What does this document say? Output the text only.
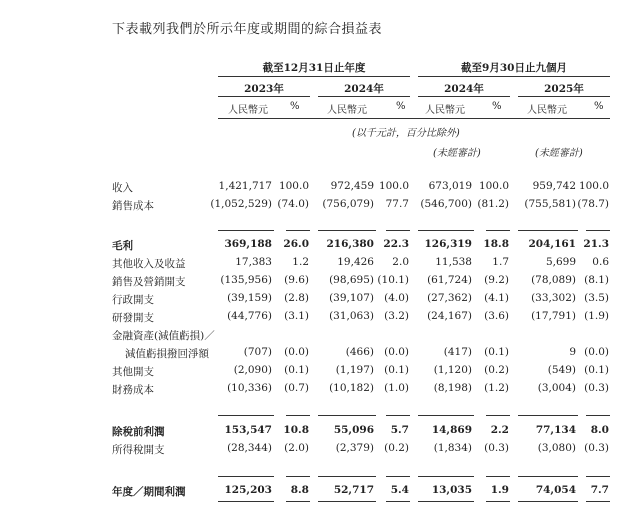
下表載列我們於所示年度或期間的綜合損益表
截至12月31日止年度	截至9月30日止九個月
2023年	2024年	2024年	2025年
人民幣元 %	人民幣元	% 人民幣元	%	人民幣元	%
(以千元計，百分比除外)
(未經審計)	(未經審計)
收入	1,421,717 100.0	972,459 100.0	673,019 100.0	959,742 100.0
銷售成本	(1,052,529) (74.0)	(756,079)	77.7	(546,700) (81.2)	(755,581) (78.7)
毛利	369,188	26.0	216,380 22.3	126,319	18.8	204,161 21.3
其他收入及收益	17,383	1.2	19,426	2.0	11,538	1.7	5,699	0.6
銷售及營銷開支	(135,956)	(9.6)	(98,695) (10.1)	(61,724)	(9.2)	(78,089) (8.1)
行政開支	(39,159)	(2.8)	(39,107) (4.0)	(27,362)	(4.1)	(33,302) (3.5)
研發開支	(44,776)	(3.1)	(31,063) (3.2)	(24,167)	(3.6)	(17,791) (1.9)
金融資產(減值虧損)／
減值虧損撥回淨額	(707)	(0.0)	(466) (0.0)	(417)	(0.1)	9 (0.0)
其他開支	(2,090)	(0.1)	(1,197) (0.1)	(1,120)	(0.2)	(549) (0.1)
財務成本	(10,336)	(0.7)	(10,182) (1.0)	(8,198)	(1.2)	(3,004) (0.3)
除稅前利潤	153,547	10.8	55,096	5.7	14,869	2.2	77,134	8.0
所得稅開支	(28,344)	(2.0)	(2,379) (0.2)	(1,834)	(0.3)	(3,080) (0.3)
年度／期間利潤	125,203	8.8	52,717	5.4	13,035	1.9	74,054	7.7
